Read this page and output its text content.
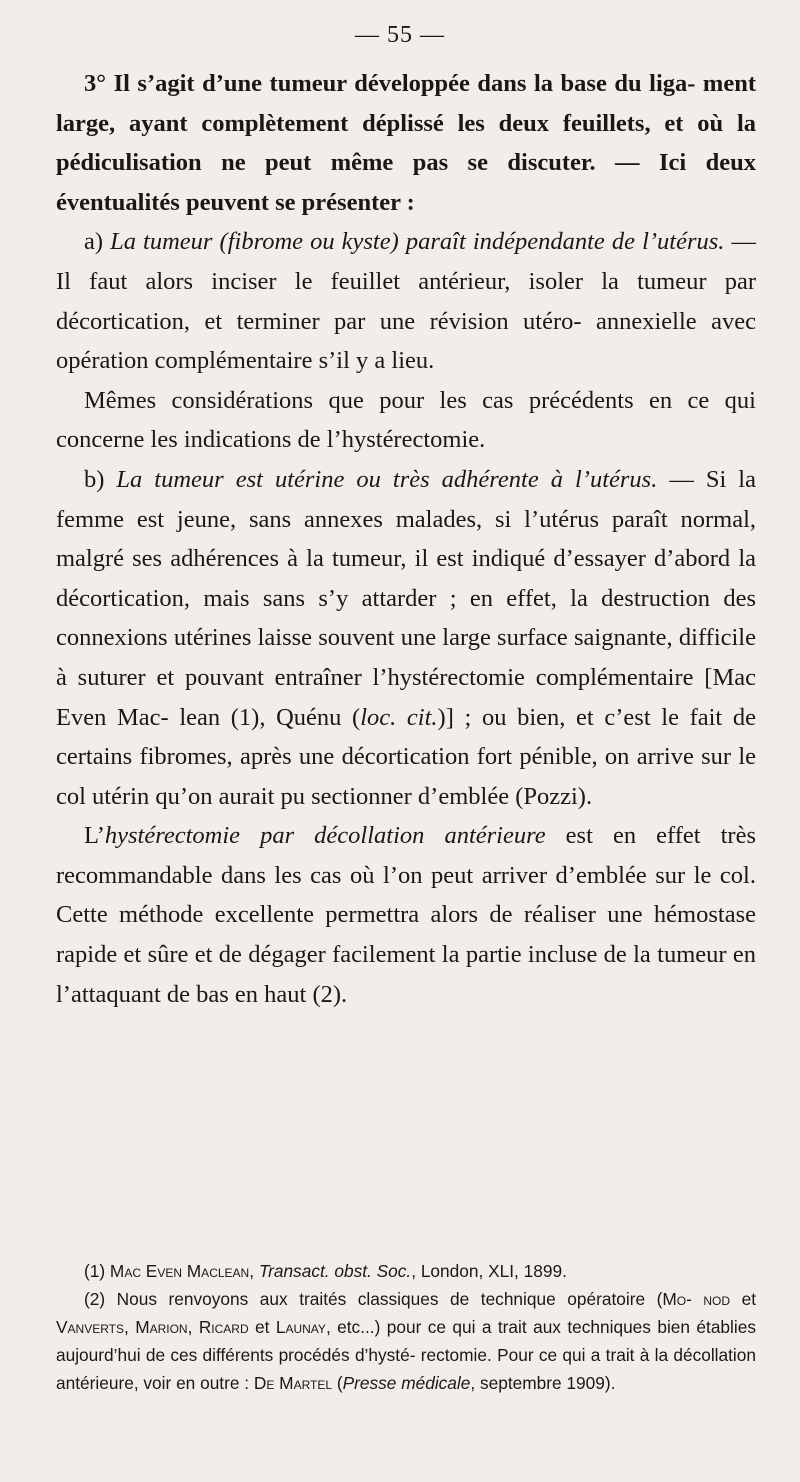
— 55 —

3° Il s’agit d’une tumeur développée dans la base du liga- ment large, ayant complètement déplissé les deux feuillets, et où la pédiculisation ne peut même pas se discuter. — Ici deux éventualités peuvent se présenter :

a) La tumeur (fibrome ou kyste) paraît indépendante de l’utérus. — Il faut alors inciser le feuillet antérieur, isoler la tumeur par décortication, et terminer par une révision utéro- annexielle avec opération complémentaire s’il y a lieu.

Mêmes considérations que pour les cas précédents en ce qui concerne les indications de l’hystérectomie.

b) La tumeur est utérine ou très adhérente à l’utérus. — Si la femme est jeune, sans annexes malades, si l’utérus paraît normal, malgré ses adhérences à la tumeur, il est indiqué d’essayer d’abord la décortication, mais sans s’y attarder ; en effet, la destruction des connexions utérines laisse souvent une large surface saignante, difficile à suturer et pouvant entraîner l’hystérectomie complémentaire [Mac Even Mac- lean (1), Quénu (loc. cit.)] ; ou bien, et c’est le fait de certains fibromes, après une décortication fort pénible, on arrive sur le col utérin qu’on aurait pu sectionner d’emblée (Pozzi).

L’hystérectomie par décollation antérieure est en effet très recommandable dans les cas où l’on peut arriver d’emblée sur le col. Cette méthode excellente permettra alors de réaliser une hémostase rapide et sûre et de dégager facilement la partie incluse de la tumeur en l’attaquant de bas en haut (2).

(1) Mac Even Maclean, Transact. obst. Soc., London, XLI, 1899.

(2) Nous renvoyons aux traités classiques de technique opératoire (Mo- nod et Vanverts, Marion, Ricard et Launay, etc...) pour ce qui a trait aux techniques bien établies aujourd’hui de ces différents procédés d’hysté- rectomie. Pour ce qui a trait à la décollation antérieure, voir en outre : De Martel (Presse médicale, septembre 1909).
